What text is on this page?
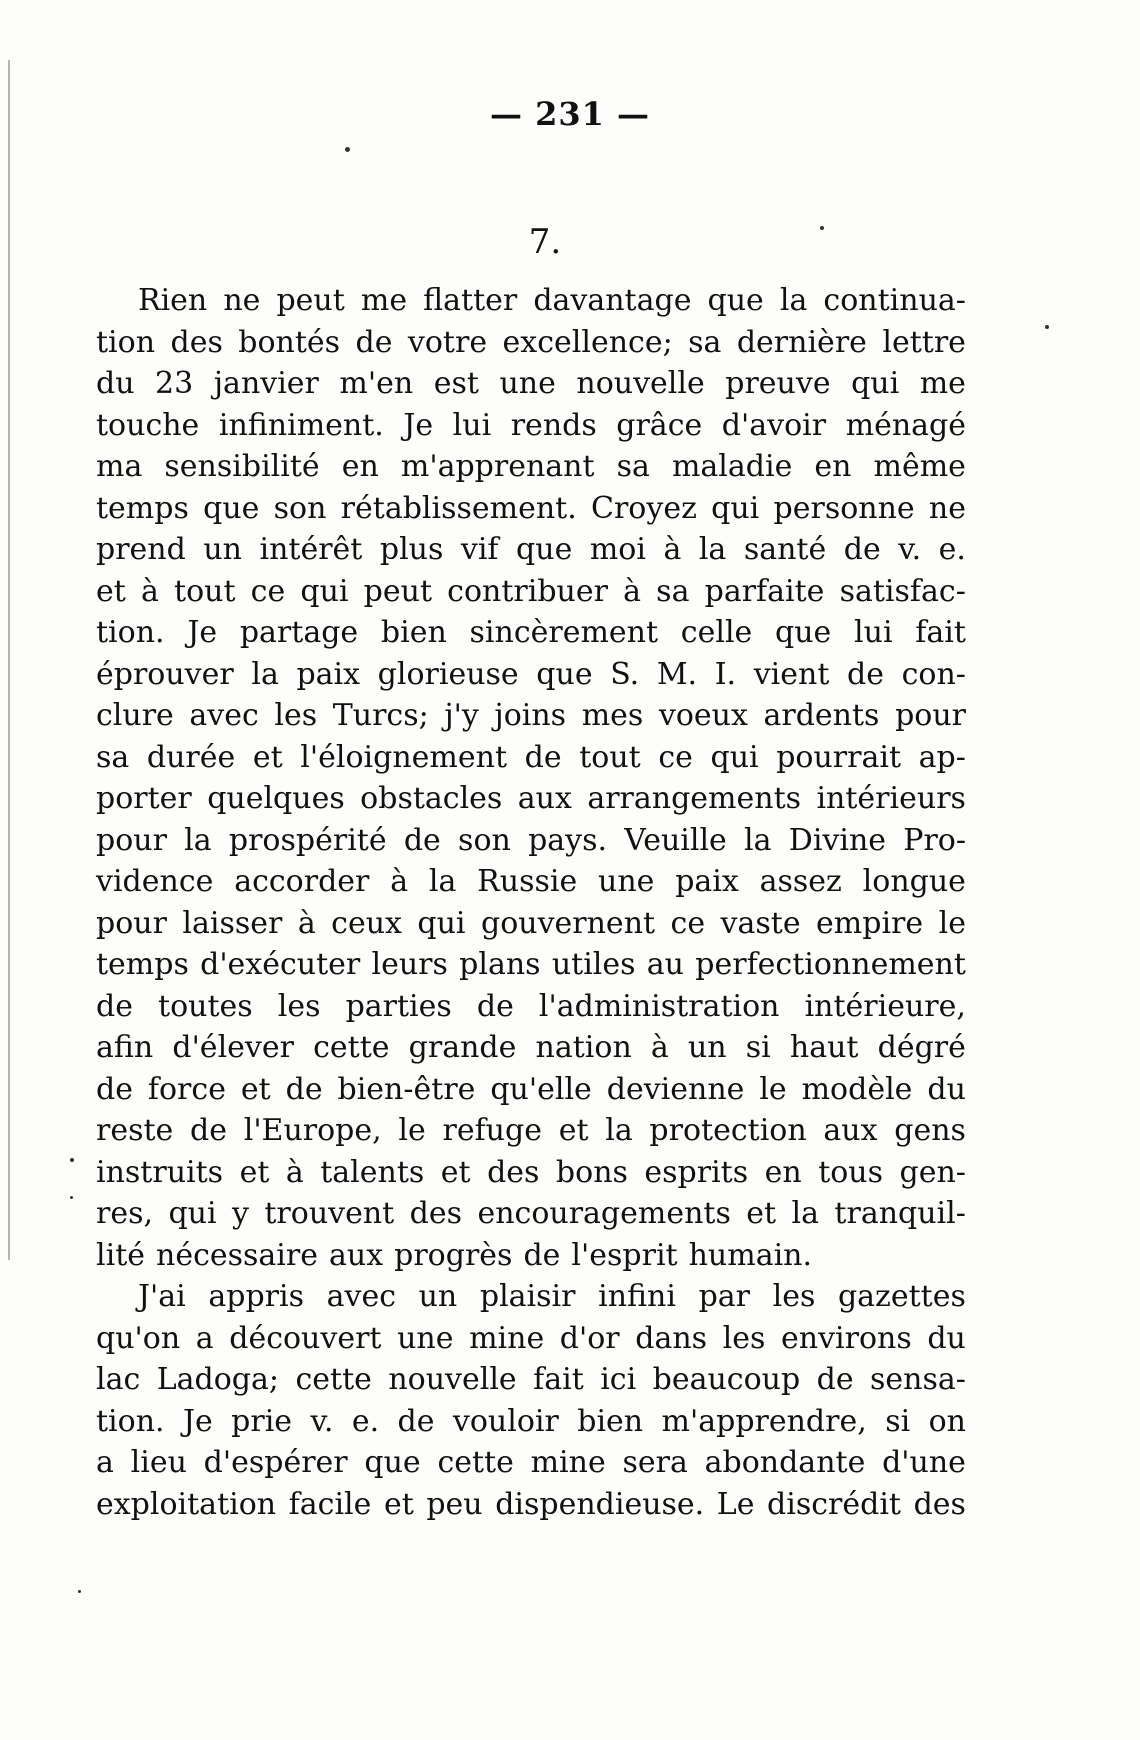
— 231 —
7.
Rien ne peut me flatter davantage que la continua-
tion des bontés de votre excellence; sa dernière lettre
du 23 janvier m'en est une nouvelle preuve qui me
touche infiniment. Je lui rends grâce d'avoir ménagé
ma sensibilité en m'apprenant sa maladie en même
temps que son rétablissement. Croyez qui personne ne
prend un intérêt plus vif que moi à la santé de v. e.
et à tout ce qui peut contribuer à sa parfaite satisfac-
tion. Je partage bien sincèrement celle que lui fait
éprouver la paix glorieuse que S. M. I. vient de con-
clure avec les Turcs; j'y joins mes voeux ardents pour
sa durée et l'éloignement de tout ce qui pourrait ap-
porter quelques obstacles aux arrangements intérieurs
pour la prospérité de son pays. Veuille la Divine Pro-
vidence accorder à la Russie une paix assez longue
pour laisser à ceux qui gouvernent ce vaste empire le
temps d'exécuter leurs plans utiles au perfectionnement
de toutes les parties de l'administration intérieure,
afin d'élever cette grande nation à un si haut dégré
de force et de bien-être qu'elle devienne le modèle du
reste de l'Europe, le refuge et la protection aux gens
instruits et à talents et des bons esprits en tous gen-
res, qui y trouvent des encouragements et la tranquil-
lité nécessaire aux progrès de l'esprit humain.
J'ai appris avec un plaisir infini par les gazettes
qu'on a découvert une mine d'or dans les environs du
lac Ladoga; cette nouvelle fait ici beaucoup de sensa-
tion. Je prie v. e. de vouloir bien m'apprendre, si on
a lieu d'espérer que cette mine sera abondante d'une
exploitation facile et peu dispendieuse. Le discrédit des
